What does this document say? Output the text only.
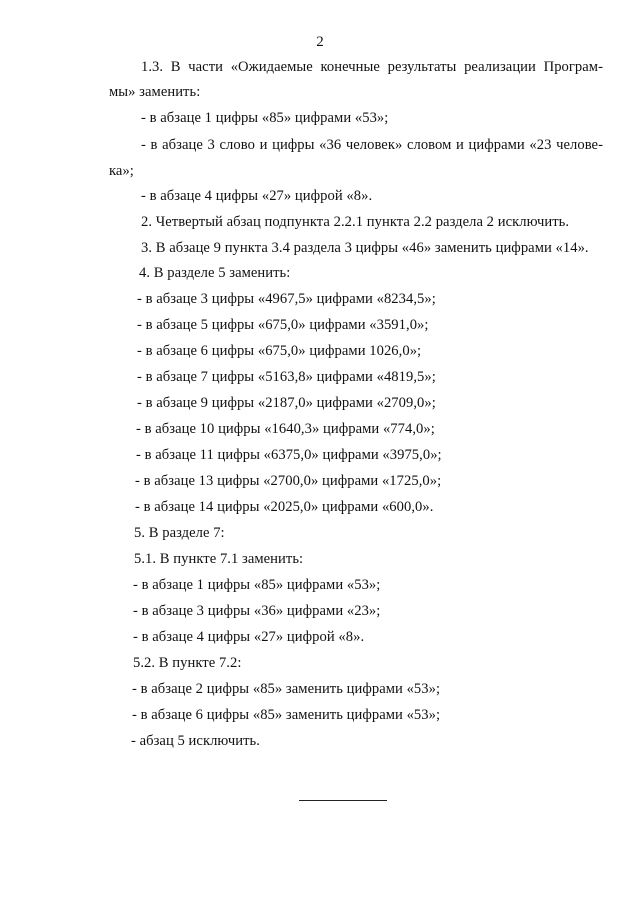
2
1.3. В части «Ожидаемые конечные результаты реализации Програм-
мы» заменить:
- в абзаце 1 цифры «85» цифрами «53»;
- в абзаце 3 слово и цифры «36 человек» словом и цифрами «23 челове-
ка»;
- в абзаце 4 цифры «27» цифрой «8».
2. Четвертый абзац подпункта 2.2.1 пункта 2.2 раздела 2 исключить.
3. В абзаце 9 пункта 3.4 раздела 3 цифры «46» заменить цифрами «14».
4. В разделе 5 заменить:
- в абзаце 3 цифры «4967,5» цифрами «8234,5»;
- в абзаце 5 цифры «675,0» цифрами «3591,0»;
- в абзаце 6 цифры «675,0» цифрами 1026,0»;
- в абзаце 7 цифры «5163,8» цифрами «4819,5»;
- в абзаце 9 цифры «2187,0» цифрами «2709,0»;
- в абзаце 10 цифры «1640,3» цифрами «774,0»;
- в абзаце 11 цифры «6375,0» цифрами «3975,0»;
- в абзаце 13 цифры «2700,0» цифрами «1725,0»;
- в абзаце 14 цифры «2025,0» цифрами «600,0».
5. В разделе 7:
5.1. В пункте 7.1 заменить:
- в абзаце 1 цифры «85» цифрами «53»;
- в абзаце 3 цифры «36» цифрами «23»;
- в абзаце 4 цифры «27» цифрой «8».
5.2. В пункте 7.2:
- в абзаце 2 цифры «85» заменить цифрами «53»;
- в абзаце 6 цифры «85» заменить цифрами «53»;
- абзац 5 исключить.
